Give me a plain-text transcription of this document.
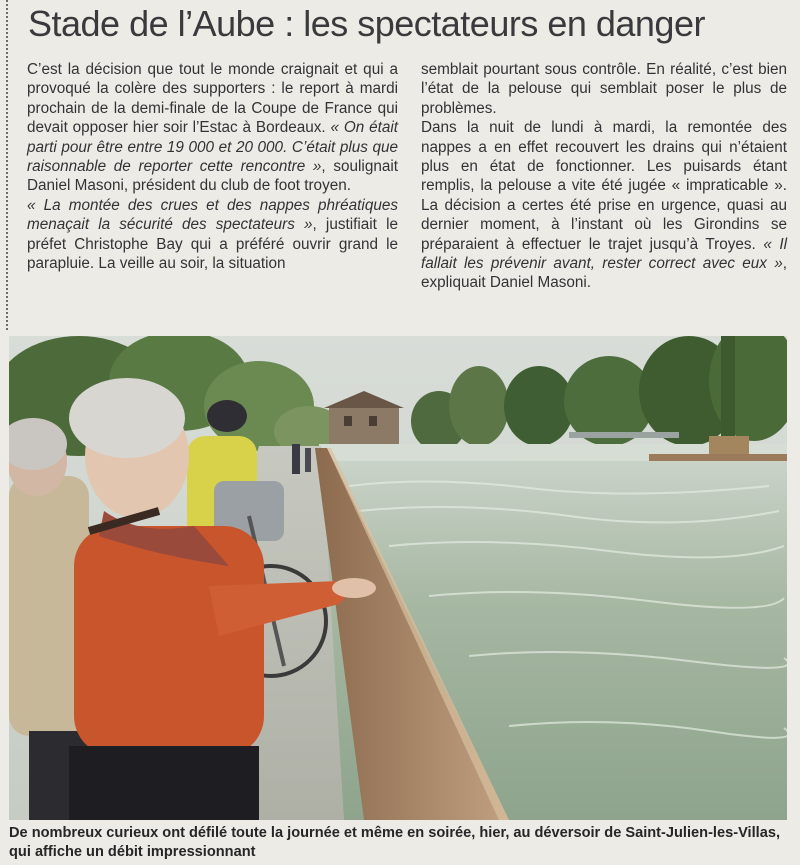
Stade de l’Aube : les spectateurs en danger

C’est la décision que tout le monde craignait et qui a provoqué la colère des supporters : le report à mardi prochain de la demi-finale de la Coupe de France qui devait opposer hier soir l’Estac à Bordeaux. « On était parti pour être entre 19 000 et 20 000. C’était plus que raisonnable de reporter cette rencontre », soulignait Daniel Masoni, président du club de foot troyen.

« La montée des crues et des nappes phréatiques menaçait la sécurité des spectateurs », justifiait le préfet Christophe Bay qui a préféré ouvrir grand le parapluie. La veille au soir, la situation

semblait pourtant sous contrôle. En réalité, c’est bien l’état de la pelouse qui semblait poser le plus de problèmes.

Dans la nuit de lundi à mardi, la remontée des nappes a en effet recouvert les drains qui n’étaient plus en état de fonctionner. Les puisards étant remplis, la pelouse a vite été jugée « impraticable ». La décision a certes été prise en urgence, quasi au dernier moment, à l’instant où les Girondins se préparaient à effectuer le trajet jusqu’à Troyes. « Il fallait les prévenir avant, rester correct avec eux », expliquait Daniel Masoni.

De nombreux curieux ont défilé toute la journée et même en soirée, hier, au déversoir de Saint-Julien-les-Villas, qui affiche un débit impressionnant
